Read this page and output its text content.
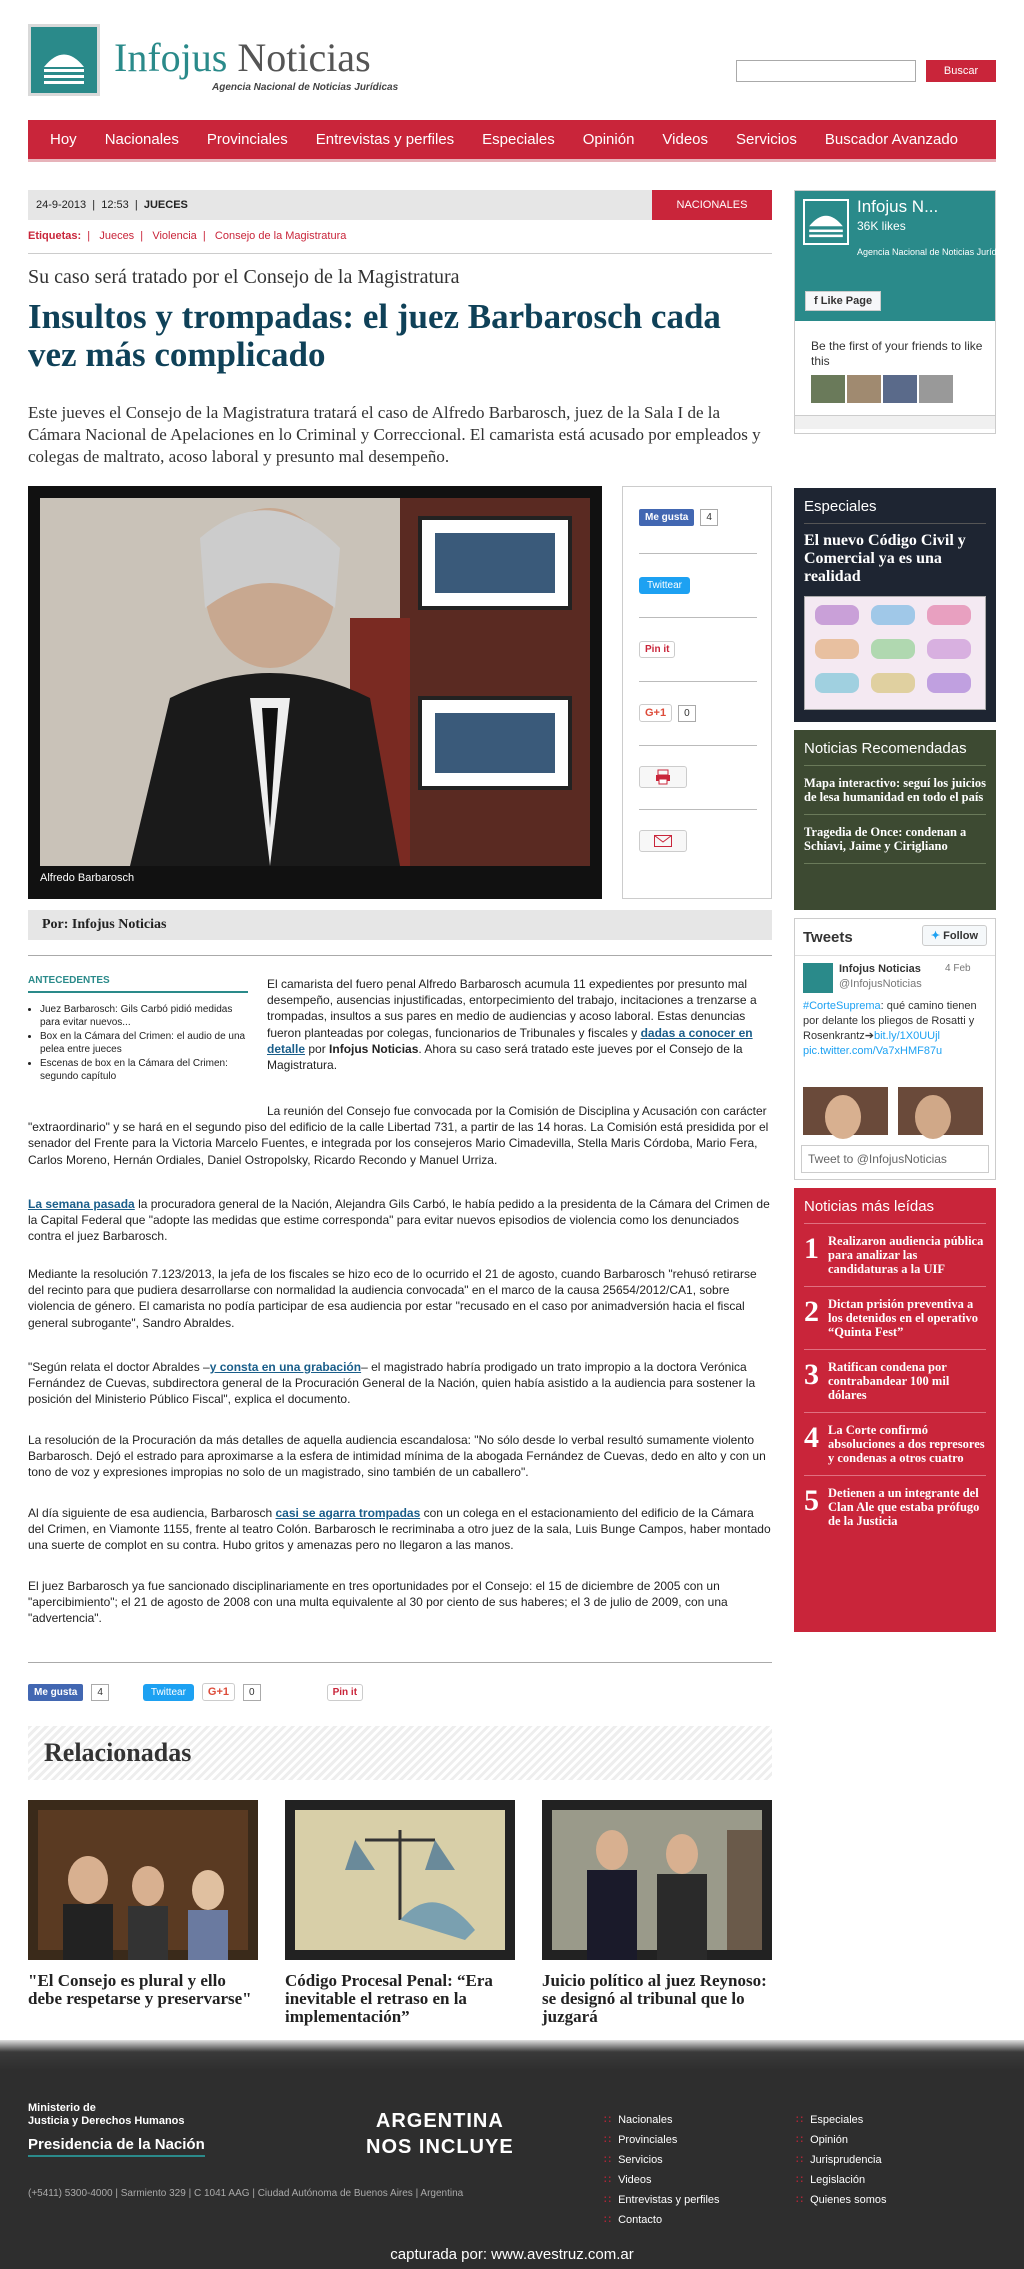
Infojus Noticias
Agencia Nacional de Noticias Jurídicas
Buscar
Hoy	Nacionales	Provinciales	Entrevistas y perfiles	Especiales	Opinión	Videos	Servicios	Buscador Avanzado
24-9-2013 | 12:53 | JUECES	NACIONALES
Etiquetas:  |   Jueces  |   Violencia  |   Consejo de la Magistratura
Su caso será tratado por el Consejo de la Magistratura
Insultos y trompadas: el juez Barbarosch cada vez más complicado

Este jueves el Consejo de la Magistratura tratará el caso de Alfredo Barbarosch, juez de la Sala I de la Cámara Nacional de Apelaciones en lo Criminal y Correccional. El camarista está acusado por empleados y colegas de maltrato, acoso laboral y presunto mal desempeño.

Alfredo Barbarosch
Me gusta	4
Twittear
Pin it
G+1	0
Por: Infojus Noticias
ANTECEDENTES
• Juez Barbarosch: Gils Carbó pidió medidas para evitar nuevos...
• Box en la Cámara del Crimen: el audio de una pelea entre jueces
• Escenas de box en la Cámara del Crimen: segundo capítulo

El camarista del fuero penal Alfredo Barbarosch acumula 11 expedientes por presunto mal desempeño, ausencias injustificadas, entorpecimiento del trabajo, incitaciones a trenzarse a trompadas, insultos a sus pares en medio de audiencias y acoso laboral. Estas denuncias fueron planteadas por colegas, funcionarios de Tribunales y fiscales y dadas a conocer en detalle por Infojus Noticias. Ahora su caso será tratado este jueves por el Consejo de la Magistratura.

La reunión del Consejo fue convocada por la Comisión de Disciplina y Acusación con carácter "extraordinario" y se hará en el segundo piso del edificio de la calle Libertad 731, a partir de las 14 horas. La Comisión está presidida por el senador del Frente para la Victoria Marcelo Fuentes, e integrada por los consejeros Mario Cimadevilla, Stella Maris Córdoba, Mario Fera, Carlos Moreno, Hernán Ordiales, Daniel Ostropolsky, Ricardo Recondo y Manuel Urriza.

La semana pasada la procuradora general de la Nación, Alejandra Gils Carbó, le había pedido a la presidenta de la Cámara del Crimen de la Capital Federal que "adopte las medidas que estime corresponda" para evitar nuevos episodios de violencia como los denunciados contra el juez Barbarosch.

Mediante la resolución 7.123/2013, la jefa de los fiscales se hizo eco de lo ocurrido el 21 de agosto, cuando Barbarosch "rehusó retirarse del recinto para que pudiera desarrollarse con normalidad la audiencia convocada" en el marco de la causa 25654/2012/CA1, sobre violencia de género. El camarista no podía participar de esa audiencia por estar "recusado en el caso por animadversión hacia el fiscal general subrogante", Sandro Abraldes.

"Según relata el doctor Abraldes –y consta en una grabación– el magistrado habría prodigado un trato impropio a la doctora Verónica Fernández de Cuevas, subdirectora general de la Procuración General de la Nación, quien había asistido a la audiencia para sostener la posición del Ministerio Público Fiscal", explica el documento.

La resolución de la Procuración da más detalles de aquella audiencia escandalosa: "No sólo desde lo verbal resultó sumamente violento Barbarosch. Dejó el estrado para aproximarse a la esfera de intimidad mínima de la abogada Fernández de Cuevas, dedo en alto y con un tono de voz y expresiones impropias no solo de un magistrado, sino también de un caballero".

Al día siguiente de esa audiencia, Barbarosch casi se agarra trompadas con un colega en el estacionamiento del edificio de la Cámara del Crimen, en Viamonte 1155, frente al teatro Colón. Barbarosch le recriminaba a otro juez de la sala, Luis Bunge Campos, haber montado una suerte de complot en su contra. Hubo gritos y amenazas pero no llegaron a las manos.

El juez Barbarosch ya fue sancionado disciplinariamente en tres oportunidades por el Consejo: el 15 de diciembre de 2005 con un "apercibimiento"; el 21 de agosto de 2008 con una multa equivalente al 30 por ciento de sus haberes; el 3 de julio de 2009, con una "advertencia".

Me gusta	4	Twittear	G+1	0	Pin it
Relacionadas
"El Consejo es plural y ello debe respetarse y preservarse"
Código Procesal Penal: “Era inevitable el retraso en la implementación”
Juicio político al juez Reynoso: se designó al tribunal que lo juzgará
Infojus N...
36K likes
Agencia Nacional de Noticias Jurídicas
f Like Page
Be the first of your friends to like this
Especiales
El nuevo Código Civil y Comercial ya es una realidad
Noticias Recomendadas
Mapa interactivo: seguí los juicios de lesa humanidad en todo el país
Tragedia de Once: condenan a Schiavi, Jaime y Cirigliano
Tweets	✦ Follow
Infojus Noticias
@InfojusNoticias
4 Feb
#CorteSuprema: qué camino tienen por delante los pliegos de Rosatti y Rosenkrantz➔bit.ly/1X0UUjl
pic.twitter.com/Va7xHMF87u
Tweet to @InfojusNoticias
Noticias más leídas
1 Realizaron audiencia pública para analizar las candidaturas a la UIF
2 Dictan prisión preventiva a los detenidos en el operativo “Quinta Fest”
3 Ratifican condena por contrabandear 100 mil dólares
4 La Corte confirmó absoluciones a dos represores y condenas a otros cuatro
5 Detienen a un integrante del Clan Ale que estaba prófugo de la Justicia
Ministerio de
Justicia y Derechos Humanos
Presidencia de la Nación
(+5411) 5300-4000 | Sarmiento 329 | C 1041 AAG | Ciudad Autónoma de Buenos Aires | Argentina
ARGENTINA
NOS INCLUYE
∷ Nacionales
∷ Provinciales
∷ Servicios
∷ Videos
∷ Entrevistas y perfiles
∷ Contacto
∷ Especiales
∷ Opinión
∷ Jurisprudencia
∷ Legislación
∷ Quienes somos
capturada por: www.avestruz.com.ar
